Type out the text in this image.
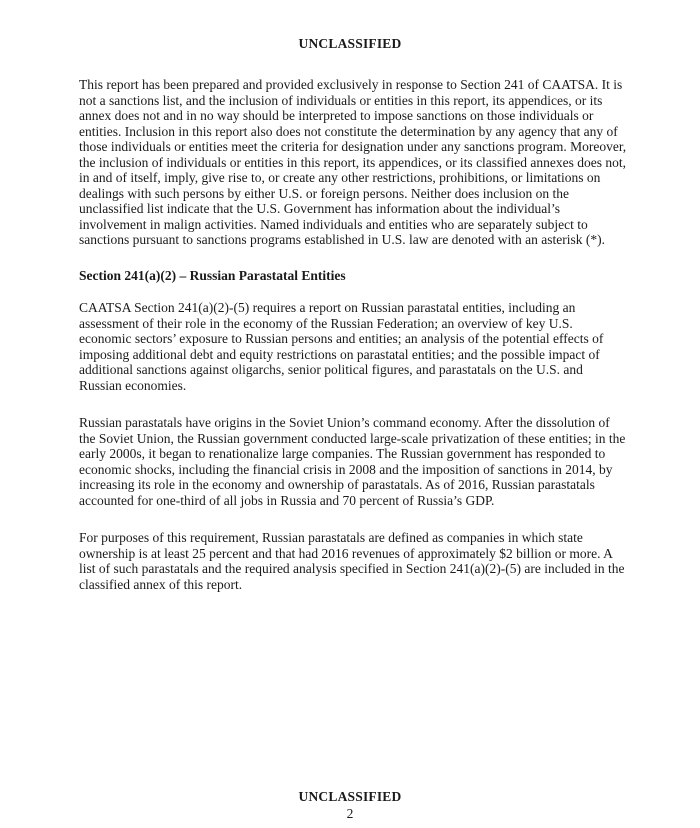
UNCLASSIFIED

This report has been prepared and provided exclusively in response to Section 241 of CAATSA. It is not a sanctions list, and the inclusion of individuals or entities in this report, its appendices, or its annex does not and in no way should be interpreted to impose sanctions on those individuals or entities. Inclusion in this report also does not constitute the determination by any agency that any of those individuals or entities meet the criteria for designation under any sanctions program. Moreover, the inclusion of individuals or entities in this report, its appendices, or its classified annexes does not, in and of itself, imply, give rise to, or create any other restrictions, prohibitions, or limitations on dealings with such persons by either U.S. or foreign persons. Neither does inclusion on the unclassified list indicate that the U.S. Government has information about the individual’s involvement in malign activities. Named individuals and entities who are separately subject to sanctions pursuant to sanctions programs established in U.S. law are denoted with an asterisk (*).

Section 241(a)(2) – Russian Parastatal Entities

CAATSA Section 241(a)(2)-(5) requires a report on Russian parastatal entities, including an assessment of their role in the economy of the Russian Federation; an overview of key U.S. economic sectors’ exposure to Russian persons and entities; an analysis of the potential effects of imposing additional debt and equity restrictions on parastatal entities; and the possible impact of additional sanctions against oligarchs, senior political figures, and parastatals on the U.S. and Russian economies.

Russian parastatals have origins in the Soviet Union’s command economy. After the dissolution of the Soviet Union, the Russian government conducted large-scale privatization of these entities; in the early 2000s, it began to renationalize large companies. The Russian government has responded to economic shocks, including the financial crisis in 2008 and the imposition of sanctions in 2014, by increasing its role in the economy and ownership of parastatals. As of 2016, Russian parastatals accounted for one-third of all jobs in Russia and 70 percent of Russia’s GDP.

For purposes of this requirement, Russian parastatals are defined as companies in which state ownership is at least 25 percent and that had 2016 revenues of approximately $2 billion or more. A list of such parastatals and the required analysis specified in Section 241(a)(2)-(5) are included in the classified annex of this report.

UNCLASSIFIED
2
